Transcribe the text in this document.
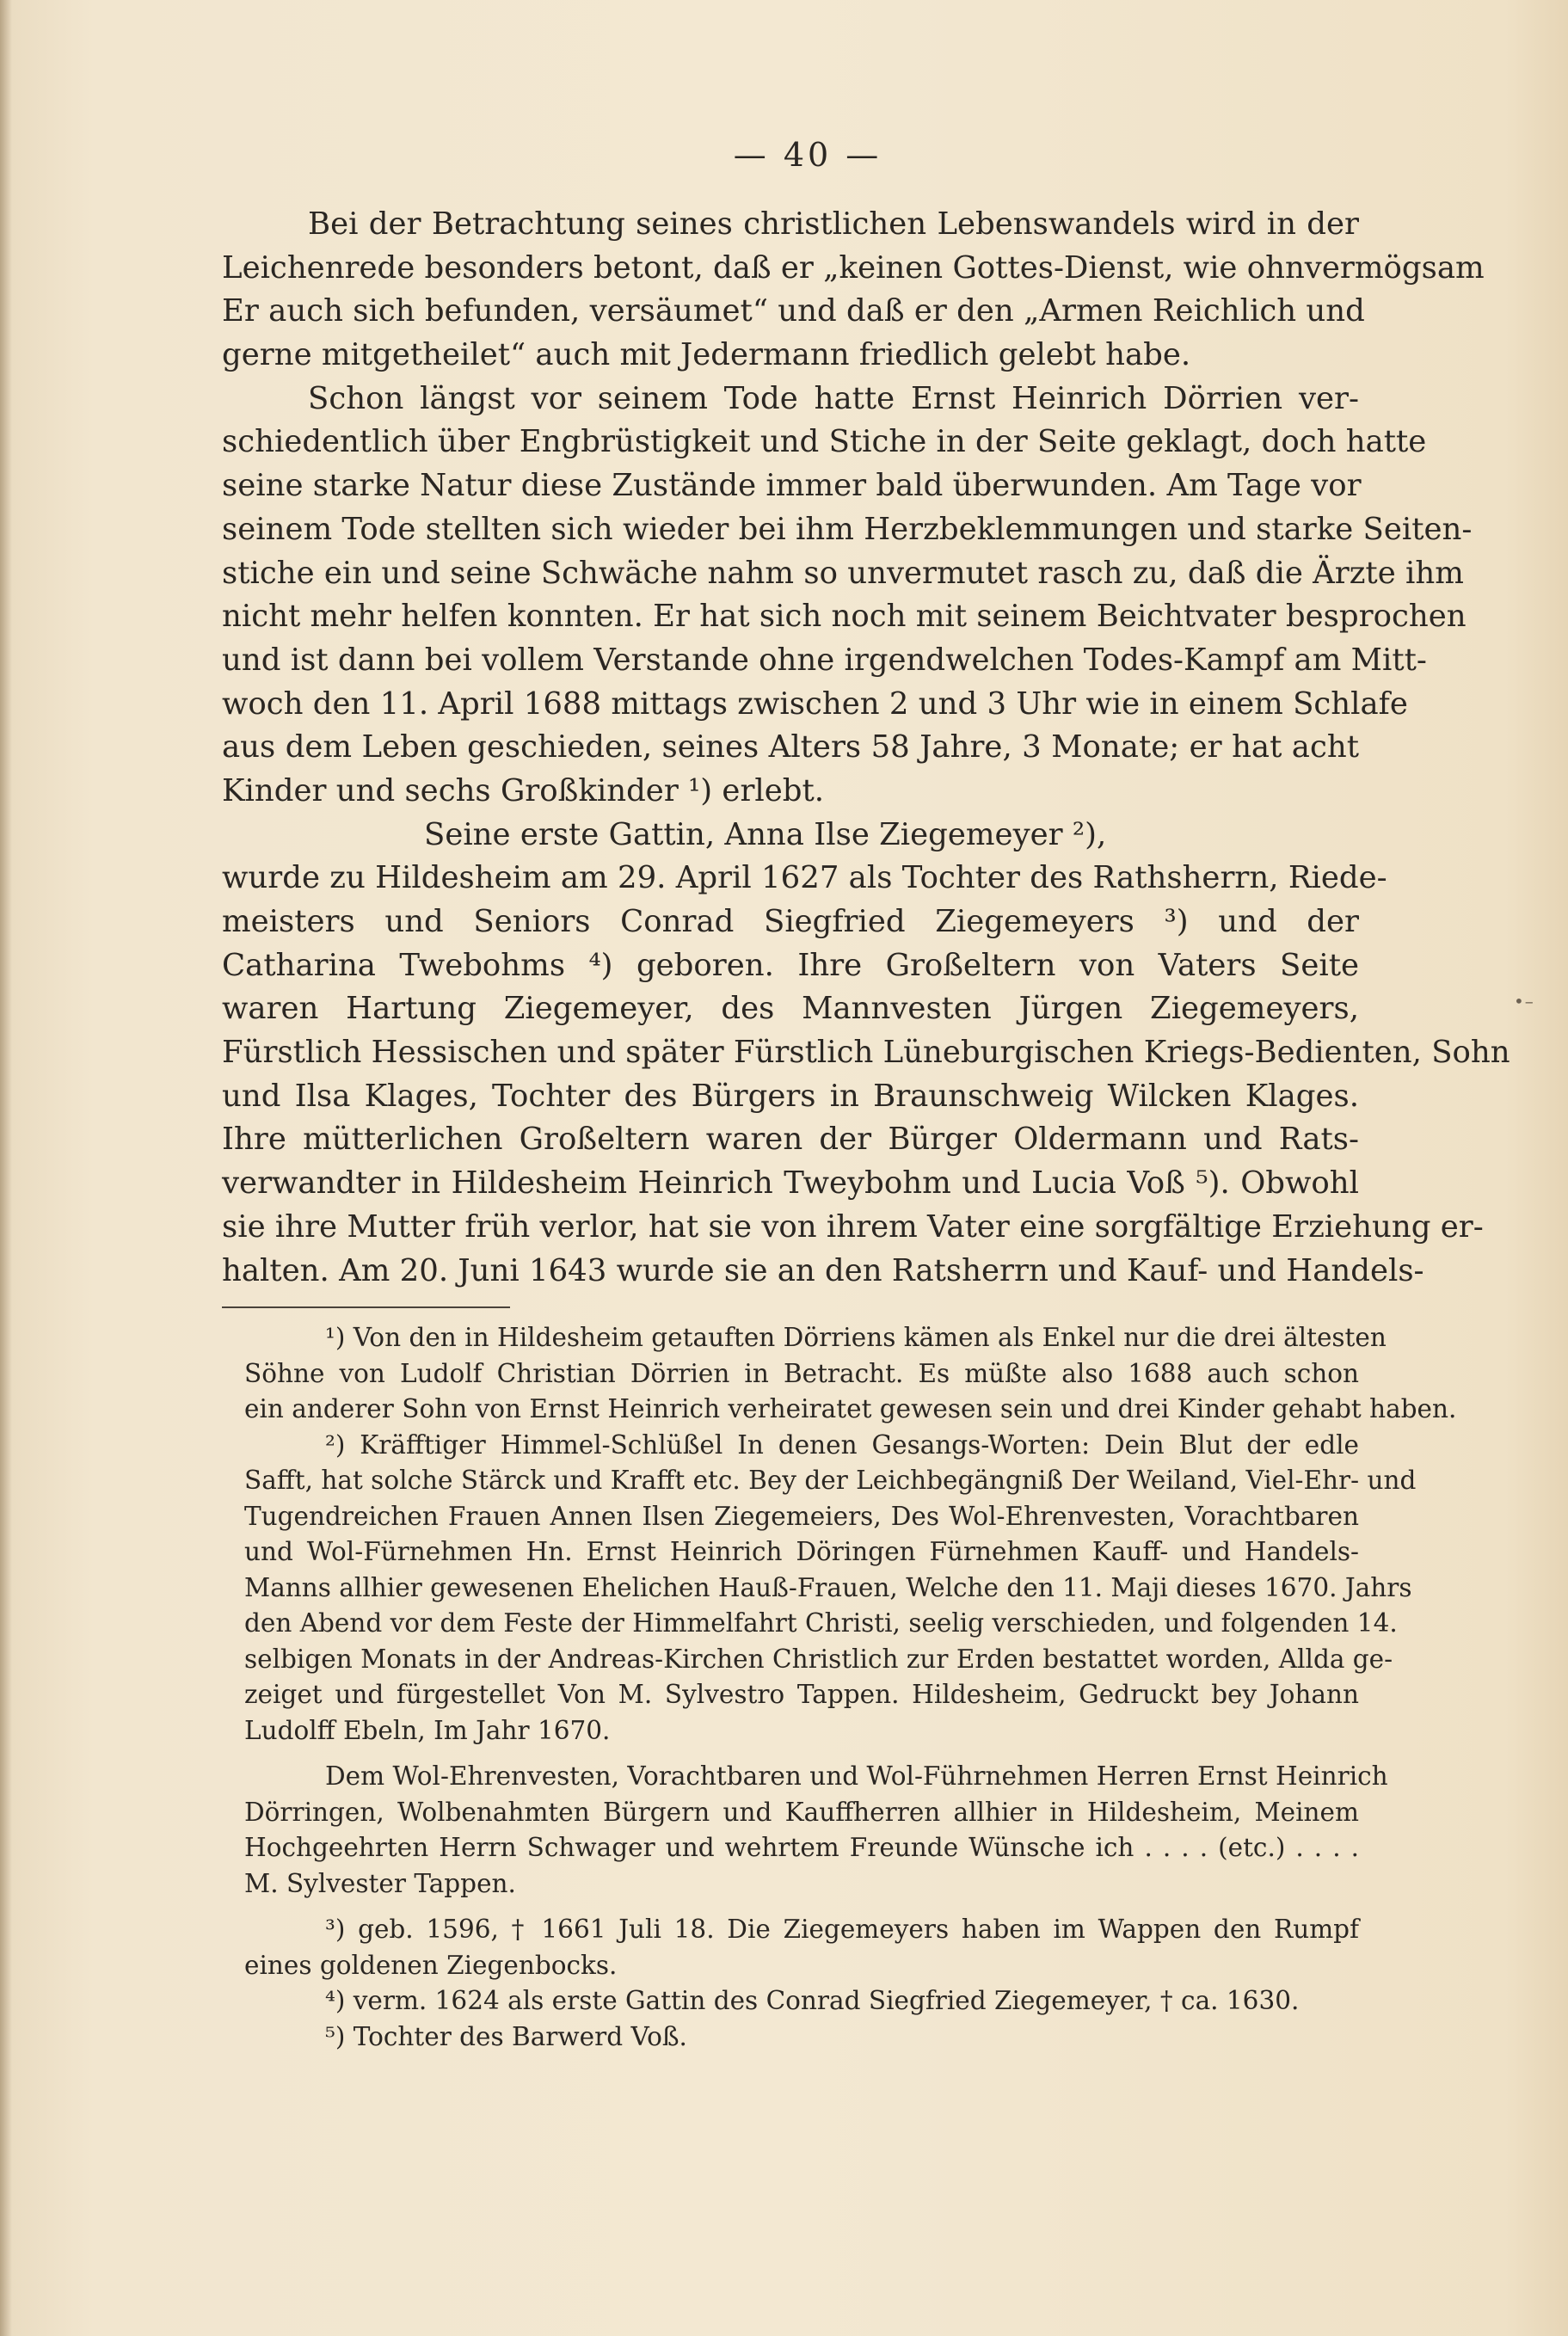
•–
— 40 —
Bei der Betrachtung seines christlichen Lebenswandels wird in der
Leichenrede besonders betont, daß er „keinen Gottes-Dienst, wie ohnvermögsam
Er auch sich befunden, versäumet“ und daß er den „Armen Reichlich und
gerne mitgetheilet“ auch mit Jedermann friedlich gelebt habe.
Schon längst vor seinem Tode hatte Ernst Heinrich Dörrien ver-
schiedentlich über Engbrüstigkeit und Stiche in der Seite geklagt, doch hatte
seine starke Natur diese Zustände immer bald überwunden. Am Tage vor
seinem Tode stellten sich wieder bei ihm Herzbeklemmungen und starke Seiten-
stiche ein und seine Schwäche nahm so unvermutet rasch zu, daß die Ärzte ihm
nicht mehr helfen konnten. Er hat sich noch mit seinem Beichtvater besprochen
und ist dann bei vollem Verstande ohne irgendwelchen Todes-Kampf am Mitt-
woch den 11. April 1688 mittags zwischen 2 und 3 Uhr wie in einem Schlafe
aus dem Leben geschieden, seines Alters 58 Jahre, 3 Monate; er hat acht
Kinder und sechs Großkinder ¹) erlebt.
Seine erste Gattin, Anna Ilse Ziegemeyer ²),
wurde zu Hildesheim am 29. April 1627 als Tochter des Rathsherrn, Riede-
meisters und Seniors Conrad Siegfried Ziegemeyers ³) und der
Catharina Twebohms ⁴) geboren. Ihre Großeltern von Vaters Seite
waren Hartung Ziegemeyer, des Mannvesten Jürgen Ziegemeyers,
Fürstlich Hessischen und später Fürstlich Lüneburgischen Kriegs-Bedienten, Sohn
und Ilsa Klages, Tochter des Bürgers in Braunschweig Wilcken Klages.
Ihre mütterlichen Großeltern waren der Bürger Oldermann und Rats-
verwandter in Hildesheim Heinrich Tweybohm und Lucia Voß ⁵). Obwohl
sie ihre Mutter früh verlor, hat sie von ihrem Vater eine sorgfältige Erziehung er-
halten. Am 20. Juni 1643 wurde sie an den Ratsherrn und Kauf- und Handels-
¹) Von den in Hildesheim getauften Dörriens kämen als Enkel nur die drei ältesten
Söhne von Ludolf Christian Dörrien in Betracht. Es müßte also 1688 auch schon
ein anderer Sohn von Ernst Heinrich verheiratet gewesen sein und drei Kinder gehabt haben.
²) Kräfftiger Himmel-Schlüßel In denen Gesangs-Worten: Dein Blut der edle
Safft, hat solche Stärck und Krafft etc. Bey der Leichbegängniß Der Weiland, Viel-Ehr- und
Tugendreichen Frauen Annen Ilsen Ziegemeiers, Des Wol-Ehrenvesten, Vorachtbaren
und Wol-Fürnehmen Hn. Ernst Heinrich Döringen Fürnehmen Kauff- und Handels-
Manns allhier gewesenen Ehelichen Hauß-Frauen, Welche den 11. Maji dieses 1670. Jahrs
den Abend vor dem Feste der Himmelfahrt Christi, seelig verschieden, und folgenden 14.
selbigen Monats in der Andreas-Kirchen Christlich zur Erden bestattet worden, Allda ge-
zeiget und fürgestellet Von M. Sylvestro Tappen. Hildesheim, Gedruckt bey Johann
Ludolff Ebeln, Im Jahr 1670.
Dem Wol-Ehrenvesten, Vorachtbaren und Wol-Führnehmen Herren Ernst Heinrich
Dörringen, Wolbenahmten Bürgern und Kauffherren allhier in Hildesheim, Meinem
Hochgeehrten Herrn Schwager und wehrtem Freunde Wünsche ich . . . . (etc.) . . . .
M. Sylvester Tappen.
³) geb. 1596, † 1661 Juli 18. Die Ziegemeyers haben im Wappen den Rumpf
eines goldenen Ziegenbocks.
⁴) verm. 1624 als erste Gattin des Conrad Siegfried Ziegemeyer, † ca. 1630.
⁵) Tochter des Barwerd Voß.
